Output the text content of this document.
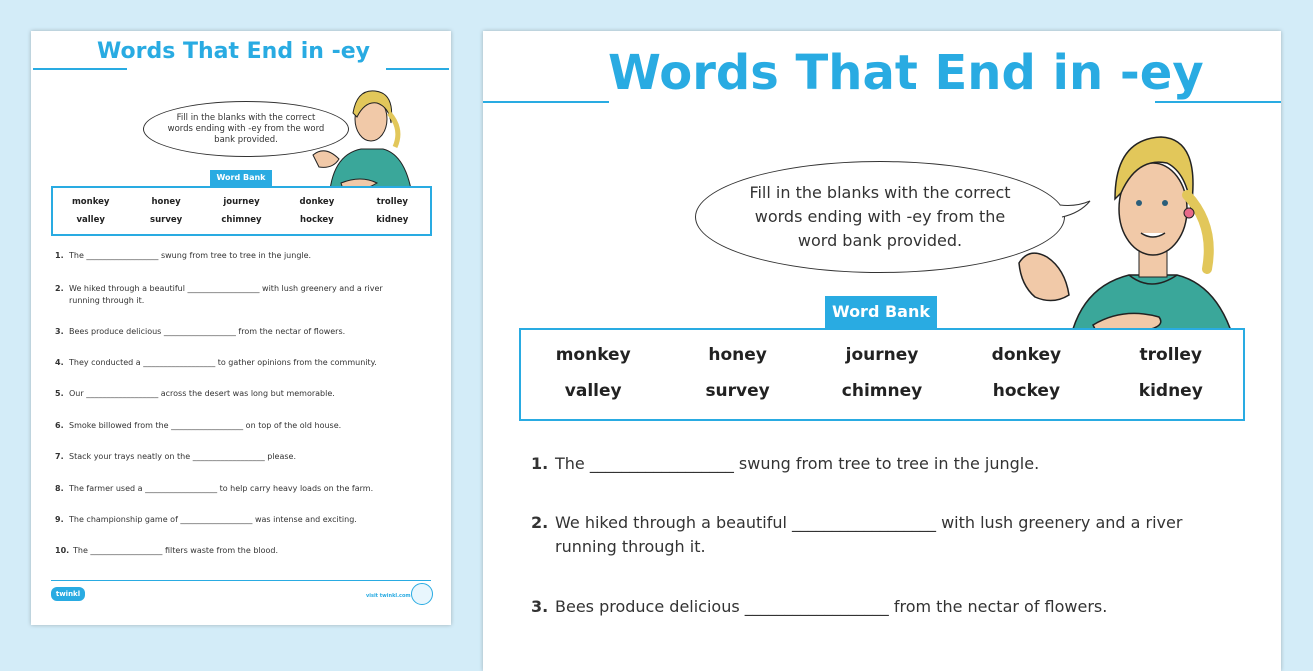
Words That End in -ey
Fill in the blanks with the correct words ending with -ey from the word bank provided.
Word Bank
monkey	honey	journey	donkey	trolley
valley	survey	chimney	hockey	kidney
1. The __________________ swung from tree to tree in the jungle.
2. We hiked through a beautiful __________________ with lush greenery and a river running through it.
3. Bees produce delicious __________________ from the nectar of flowers.
4. They conducted a __________________ to gather opinions from the community.
5. Our __________________ across the desert was long but memorable.
6. Smoke billowed from the __________________ on top of the old house.
7. Stack your trays neatly on the __________________ please.
8. The farmer used a __________________ to help carry heavy loads on the farm.
9. The championship game of __________________ was intense and exciting.
10. The __________________ filters waste from the blood.
twinkl	visit twinkl.com
Words That End in -ey
Fill in the blanks with the correct words ending with -ey from the word bank provided.
Word Bank
monkey	honey	journey	donkey	trolley
valley	survey	chimney	hockey	kidney
1. The __________________ swung from tree to tree in the jungle.
2. We hiked through a beautiful __________________ with lush greenery and a river running through it.
3. Bees produce delicious __________________ from the nectar of flowers.
